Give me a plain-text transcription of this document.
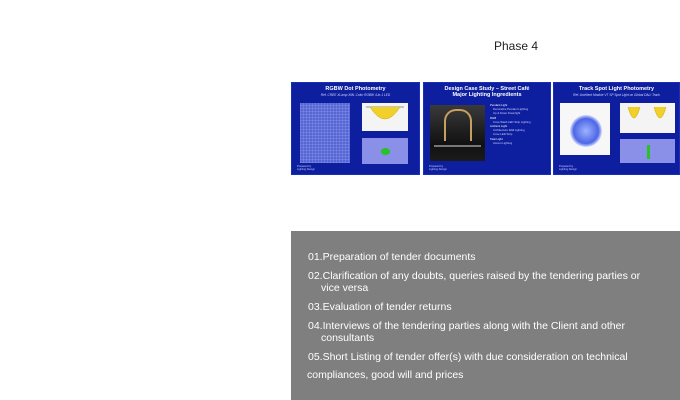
Phase 4
RGBW Dot Photometry
Ref. CREE XLamp XML Color RGBW 4-in-1 LED
Prepared by
Lighting Design
Design Case Study – Street Café
Major Lighting Ingredients
Pendant Light
Decorative Pendant Lighting
Up & Down Downlight
RGB
Cove Wash LED Strip Lighting
Ambient Light
Architecture Wall Lighting
Cove LED Strip
Task Light
Accent Lighting
Prepared by
Lighting Design
Track Spot Light Photometry
Ref. Architect Module VT SP Spot Light on Global DALI Track
Prepared by
Lighting Design
01.Preparation of tender documents
02.Clarification of any doubts, queries raised by the tendering parties or
vice versa
03.Evaluation of tender returns
04.Interviews of the tendering parties along with the Client and other
consultants
05.Short Listing of tender offer(s) with due consideration on technical
compliances, good will and prices
